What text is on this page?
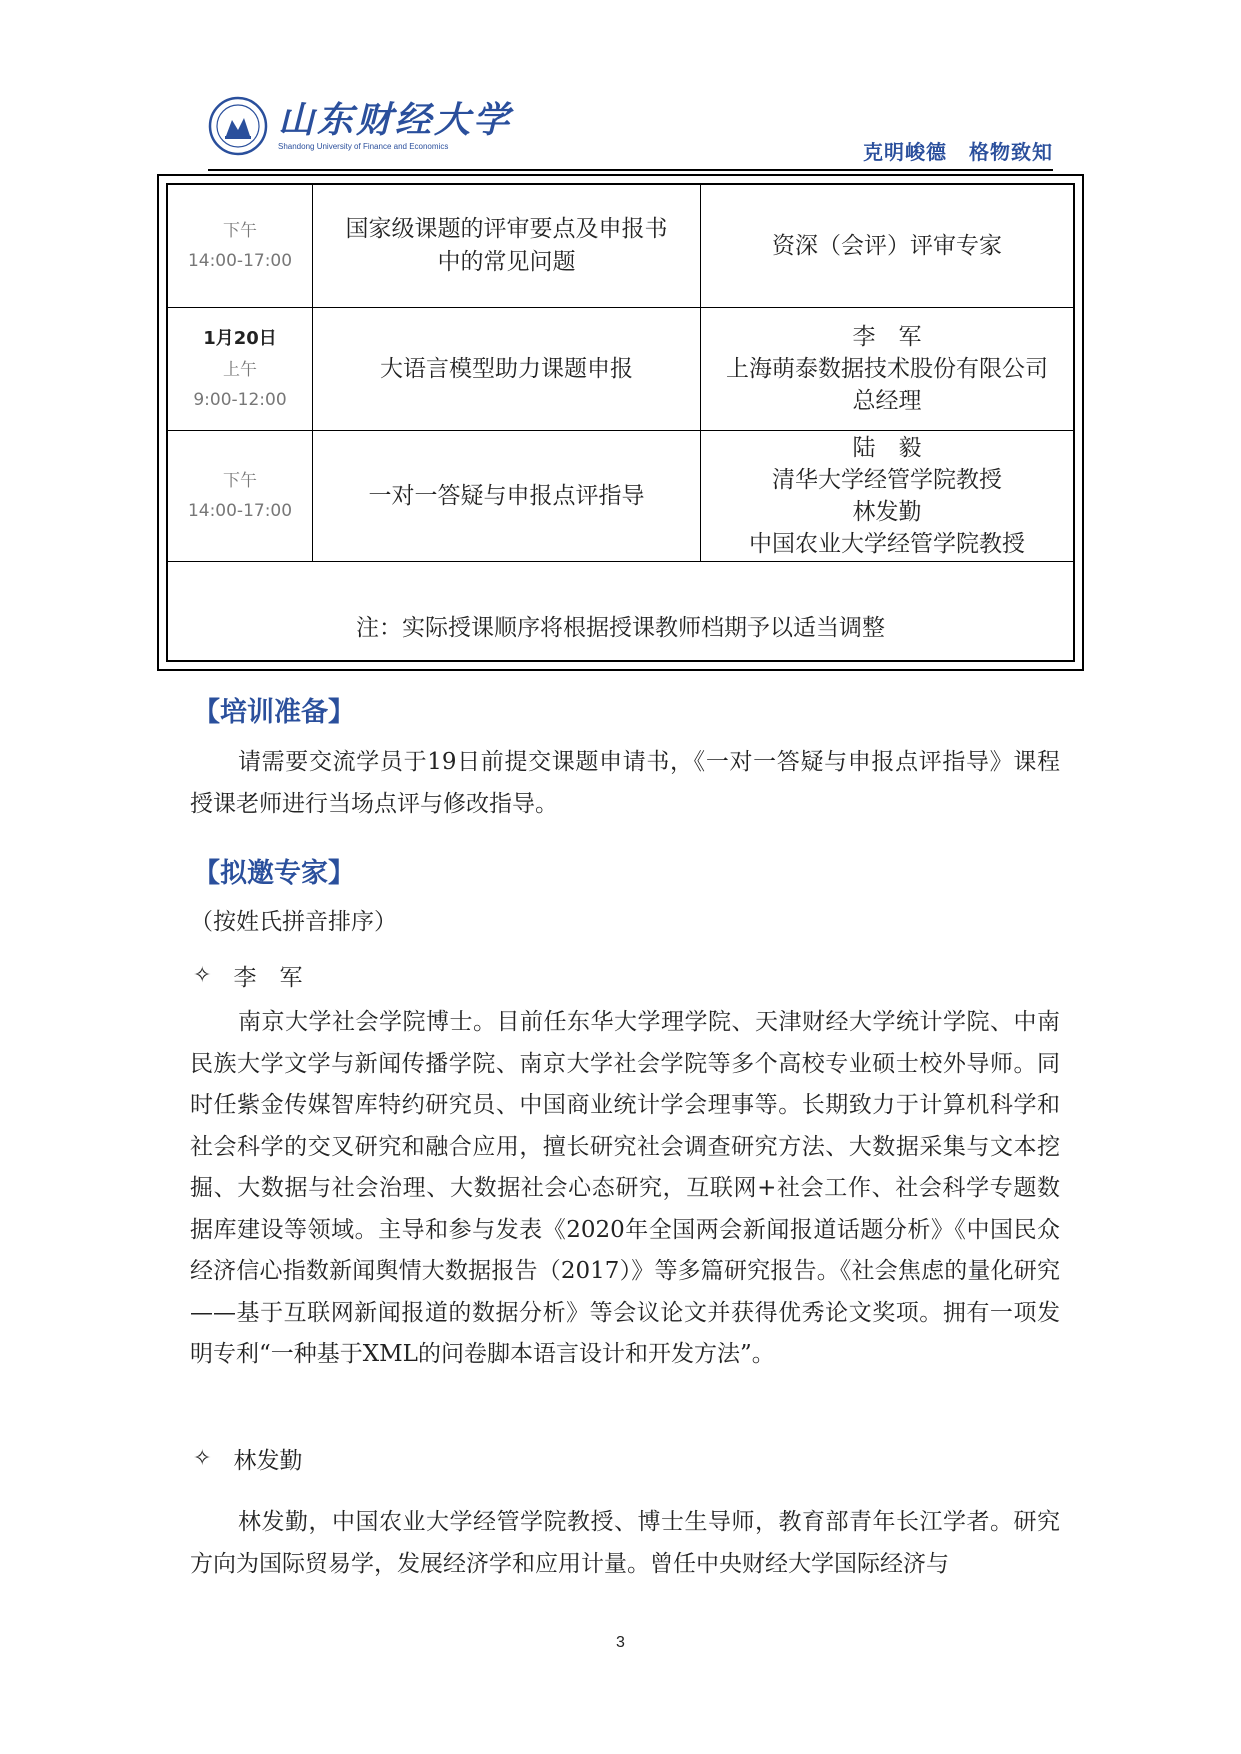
山东财经大学
Shandong University of Finance and Economics	克明峻德 格物致知
下午
14:00-17:00
国家级课题的评审要点及申报书
中的常见问题
资深（会评）评审专家
1月20日
上午
9:00-12:00
大语言模型助力课题申报
李　军
上海萌泰数据技术股份有限公司
总经理
下午
14:00-17:00
一对一答疑与申报点评指导
陆　毅
清华大学经管学院教授
林发勤
中国农业大学经管学院教授
注：实际授课顺序将根据授课教师档期予以适当调整
【培训准备】

请需要交流学员于19日前提交课题申请书，《一对一答疑与申报点评指导》课程授课老师进行当场点评与修改指导。

【拟邀专家】
（按姓氏拼音排序）
✧ 李　军

南京大学社会学院博士。目前任东华大学理学院、天津财经大学统计学院、中南民族大学文学与新闻传播学院、南京大学社会学院等多个高校专业硕士校外导师。同时任紫金传媒智库特约研究员、中国商业统计学会理事等。长期致力于计算机科学和社会科学的交叉研究和融合应用，擅长研究社会调查研究方法、大数据采集与文本挖掘、大数据与社会治理、大数据社会心态研究，互联网+社会工作、社会科学专题数据库建设等领域。主导和参与发表《2020年全国两会新闻报道话题分析》《中国民众经济信心指数新闻舆情大数据报告（2017）》等多篇研究报告。《社会焦虑的量化研究——基于互联网新闻报道的数据分析》等会议论文并获得优秀论文奖项。拥有一项发明专利“一种基于XML的问卷脚本语言设计和开发方法”。

✧ 林发勤

林发勤，中国农业大学经管学院教授、博士生导师，教育部青年长江学者。研究方向为国际贸易学，发展经济学和应用计量。曾任中央财经大学国际经济与

3
